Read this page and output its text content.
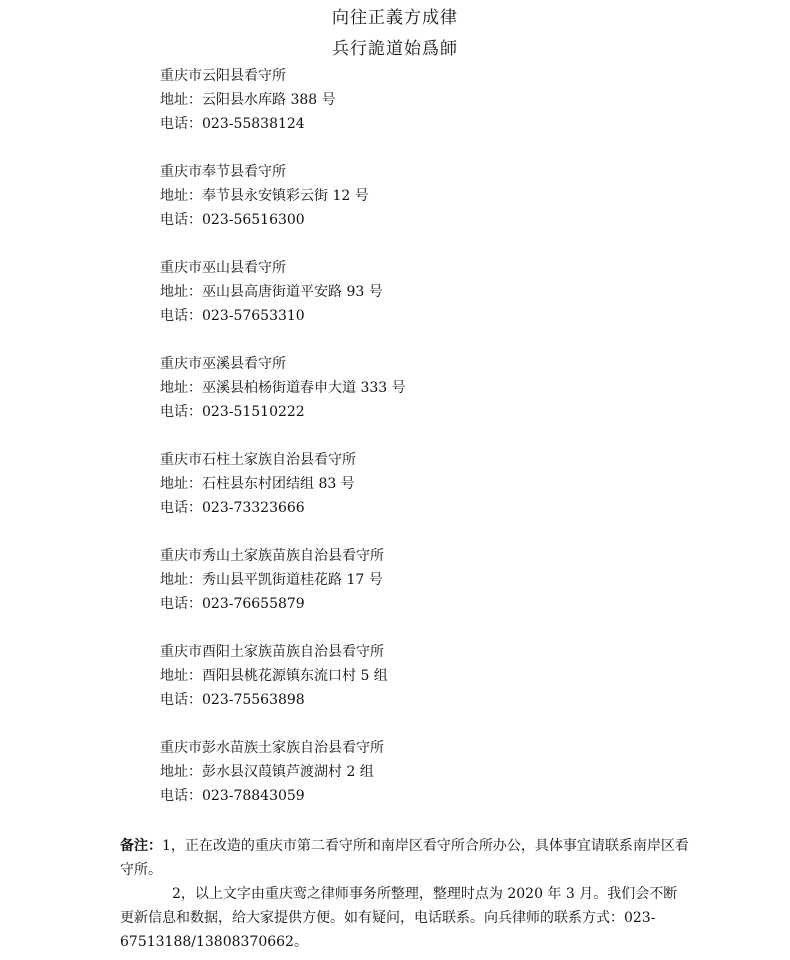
向往正義方成律
兵行詭道始爲師
重庆市云阳县看守所
地址：云阳县水库路 388 号
电话：023-55838124
重庆市奉节县看守所
地址：奉节县永安镇彩云街 12 号
电话：023-56516300
重庆市巫山县看守所
地址：巫山县高唐街道平安路 93 号
电话：023-57653310
重庆市巫溪县看守所
地址：巫溪县柏杨街道春申大道 333 号
电话：023-51510222
重庆市石柱土家族自治县看守所
地址：石柱县东村团结组 83 号
电话：023-73323666
重庆市秀山土家族苗族自治县看守所
地址：秀山县平凯街道桂花路 17 号
电话：023-76655879
重庆市酉阳土家族苗族自治县看守所
地址：酉阳县桃花源镇东流口村 5 组
电话：023-75563898
重庆市彭水苗族土家族自治县看守所
地址：彭水县汉葭镇芦渡湖村 2 组
电话：023-78843059

备注：1，正在改造的重庆市第二看守所和南岸区看守所合所办公，具体事宜请联系南岸区看守所。

2，以上文字由重庆鸾之律师事务所整理，整理时点为 2020 年 3 月。我们会不断更新信息和数据，给大家提供方便。如有疑问，电话联系。向兵律师的联系方式：023-67513188/13808370662。
